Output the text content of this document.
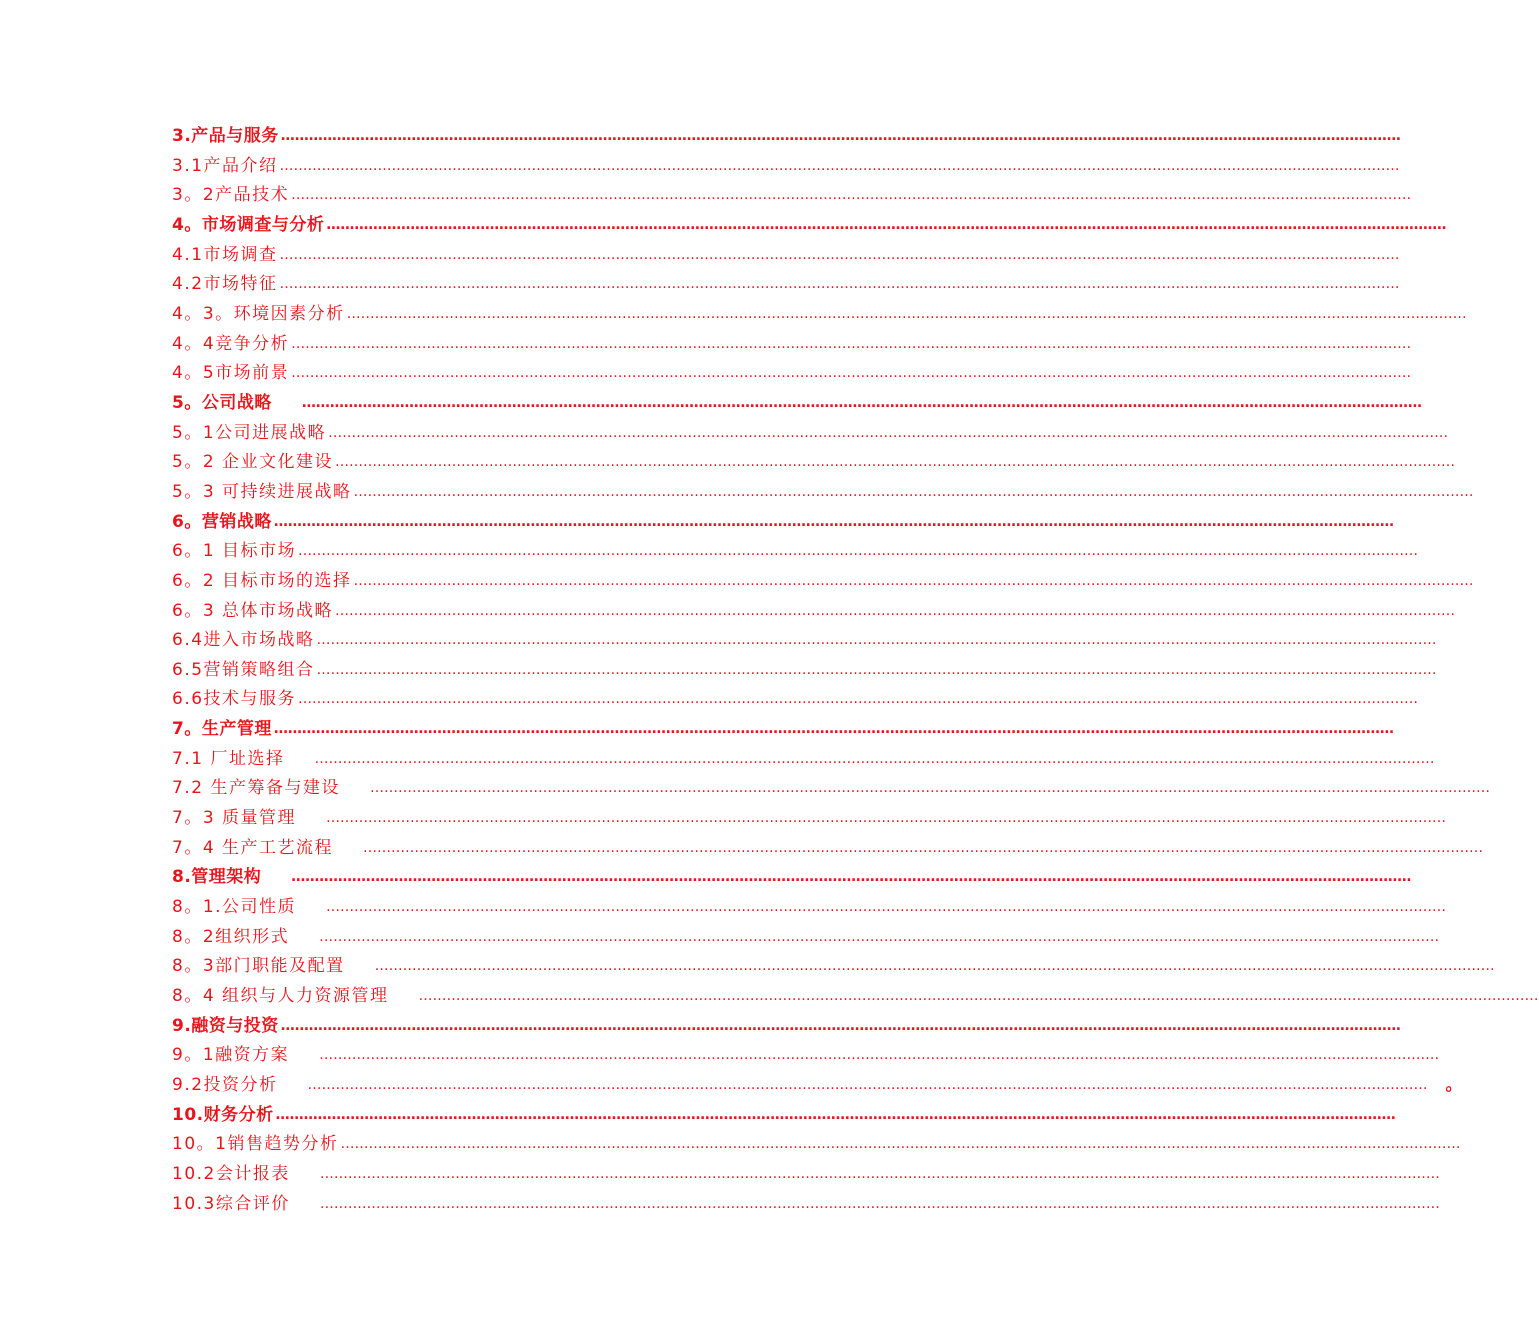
3.产品与服务 ……………………………………………………………………………………………………………………………………………………………………………………………………………………
3.1产品介绍 ……………………………………………………………………………………………………………………………………………………………………………………………………………………
3。2产品技术 ……………………………………………………………………………………………………………………………………………………………………………………………………………………
4。市场调查与分析 ……………………………………………………………………………………………………………………………………………………………………………………………………………………
4.1市场调查 ……………………………………………………………………………………………………………………………………………………………………………………………………………………
4.2市场特征 ……………………………………………………………………………………………………………………………………………………………………………………………………………………
4。3。环境因素分析 ……………………………………………………………………………………………………………………………………………………………………………………………………………………
4。4竞争分析 ……………………………………………………………………………………………………………………………………………………………………………………………………………………
4。5市场前景 ……………………………………………………………………………………………………………………………………………………………………………………………………………………
5。公司战略 ……………………………………………………………………………………………………………………………………………………………………………………………………………………
5。1公司进展战略 ……………………………………………………………………………………………………………………………………………………………………………………………………………………
5。2 企业文化建设 ……………………………………………………………………………………………………………………………………………………………………………………………………………………
5。3 可持续进展战略 ……………………………………………………………………………………………………………………………………………………………………………………………………………………
6。营销战略 ……………………………………………………………………………………………………………………………………………………………………………………………………………………
6。1 目标市场 ……………………………………………………………………………………………………………………………………………………………………………………………………………………
6。2 目标市场的选择 ……………………………………………………………………………………………………………………………………………………………………………………………………………………
6。3 总体市场战略 ……………………………………………………………………………………………………………………………………………………………………………………………………………………
6.4进入市场战略 ……………………………………………………………………………………………………………………………………………………………………………………………………………………
6.5营销策略组合 ……………………………………………………………………………………………………………………………………………………………………………………………………………………
6.6技术与服务 ……………………………………………………………………………………………………………………………………………………………………………………………………………………
7。生产管理 ……………………………………………………………………………………………………………………………………………………………………………………………………………………
7.1 厂址选择 ……………………………………………………………………………………………………………………………………………………………………………………………………………………
7.2 生产筹备与建设 ……………………………………………………………………………………………………………………………………………………………………………………………………………………
7。3 质量管理 ……………………………………………………………………………………………………………………………………………………………………………………………………………………
7。4 生产工艺流程 ……………………………………………………………………………………………………………………………………………………………………………………………………………………
8.管理架构 ……………………………………………………………………………………………………………………………………………………………………………………………………………………
8。1.公司性质 ……………………………………………………………………………………………………………………………………………………………………………………………………………………
8。2组织形式 ……………………………………………………………………………………………………………………………………………………………………………………………………………………
8。3部门职能及配置 ……………………………………………………………………………………………………………………………………………………………………………………………………………………
8。4 组织与人力资源管理 ……………………………………………………………………………………………………………………………………………………………………………………………………………………
9.融资与投资 ……………………………………………………………………………………………………………………………………………………………………………………………………………………
9。1融资方案 ……………………………………………………………………………………………………………………………………………………………………………………………………………………
9.2投资分析 …………………………………………………………………………………………………………………………………………………………………………………………………………………… 。
10.财务分析 ……………………………………………………………………………………………………………………………………………………………………………………………………………………
10。1销售趋势分析 ……………………………………………………………………………………………………………………………………………………………………………………………………………………
10.2会计报表 ……………………………………………………………………………………………………………………………………………………………………………………………………………………
10.3综合评价 ……………………………………………………………………………………………………………………………………………………………………………………………………………………
